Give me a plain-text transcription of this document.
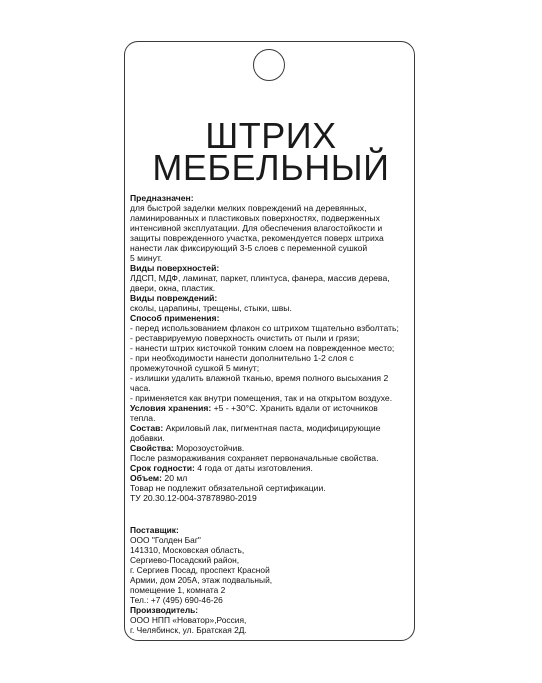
ШТРИХ
МЕБЕЛЬНЫЙ

Предназначен:

для быстрой заделки мелких повреждений на деревянных,

ламинированных и пластиковых поверхностях, подверженных

интенсивной эксплуатации. Для обеспечения влагостойкости и

защиты поврежденного участка, рекомендуется поверх штриха

нанести лак фиксирующий 3-5 слоев с переменной сушкой

5 минут.

Виды поверхностей:

ЛДСП, МДФ, ламинат, паркет, плинтуса, фанера, массив дерева,

двери, окна, пластик.

Виды повреждений:

сколы, царапины, трещены, стыки, швы.

Способ применения:

- перед использованием флакон со штрихом тщательно взболтать;

- реставрируемую поверхность очистить от пыли и грязи;

- нанести штрих кисточкой тонким слоем на поврежденное место;

- при необходимости нанести дополнительно 1-2 слоя с

промежуточной сушкой 5 минут;

- излишки удалить влажной тканью, время полного высыхания 2

часа.

- применяется как внутри помещения, так и на открытом воздухе.

Условия хранения: +5 - +30°С. Хранить вдали от источников

тепла.

Состав: Акриловый лак, пигментная паста, модифицирующие

добавки.

Свойства: Морозоустойчив.

После размораживания сохраняет первоначальные свойства.

Срок годности: 4 года от даты изготовления.

Объем: 20 мл

Товар не подлежит обязательной сертификации.

ТУ 20.30.12-004-37878980-2019

Поставщик:

ООО "Голден Баг"

141310, Московская область,

Сергиево-Посадский район,

г. Сергиев Посад, проспект Красной

Армии, дом 205А, этаж подвальный,

помещение 1, комната 2

Тел.: +7 (495) 690-46-26

Производитель:

ООО НПП «Новатор»,Россия,

г. Челябинск, ул. Братская 2Д.
